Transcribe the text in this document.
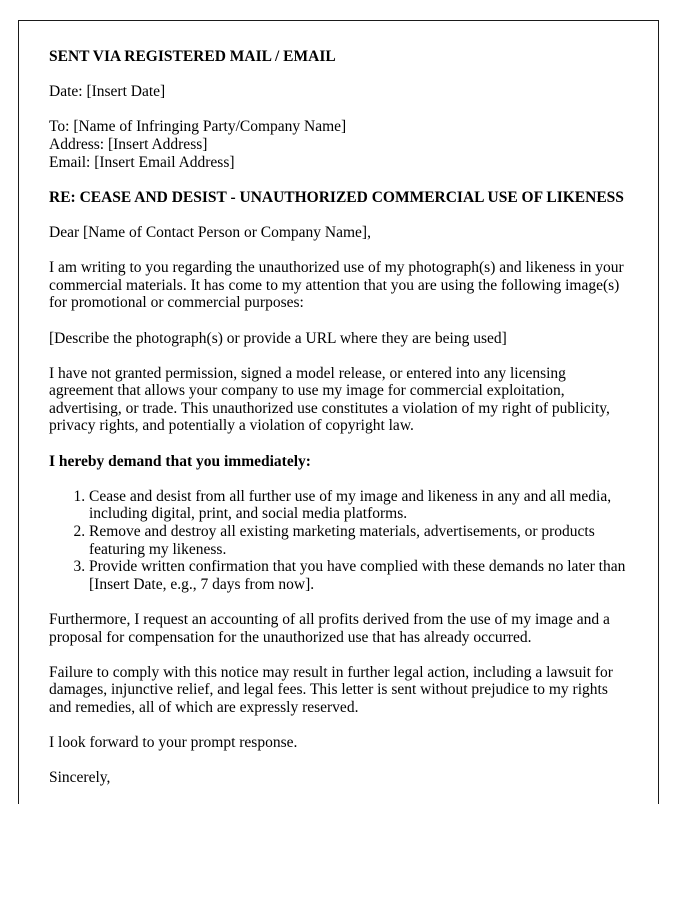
SENT VIA REGISTERED MAIL / EMAIL

Date: [Insert Date]

To: [Name of Infringing Party/Company Name]
Address: [Insert Address]
Email: [Insert Email Address]

RE: CEASE AND DESIST - UNAUTHORIZED COMMERCIAL USE OF LIKENESS

Dear [Name of Contact Person or Company Name],

I am writing to you regarding the unauthorized use of my photograph(s) and likeness in your commercial materials. It has come to my attention that you are using the following image(s) for promotional or commercial purposes:

[Describe the photograph(s) or provide a URL where they are being used]

I have not granted permission, signed a model release, or entered into any licensing agreement that allows your company to use my image for commercial exploitation, advertising, or trade. This unauthorized use constitutes a violation of my right of publicity, privacy rights, and potentially a violation of copyright law.

I hereby demand that you immediately:

1. Cease and desist from all further use of my image and likeness in any and all media, including digital, print, and social media platforms.
2. Remove and destroy all existing marketing materials, advertisements, or products featuring my likeness.
3. Provide written confirmation that you have complied with these demands no later than [Insert Date, e.g., 7 days from now].

Furthermore, I request an accounting of all profits derived from the use of my image and a proposal for compensation for the unauthorized use that has already occurred.

Failure to comply with this notice may result in further legal action, including a lawsuit for damages, injunctive relief, and legal fees. This letter is sent without prejudice to my rights and remedies, all of which are expressly reserved.

I look forward to your prompt response.

Sincerely,
